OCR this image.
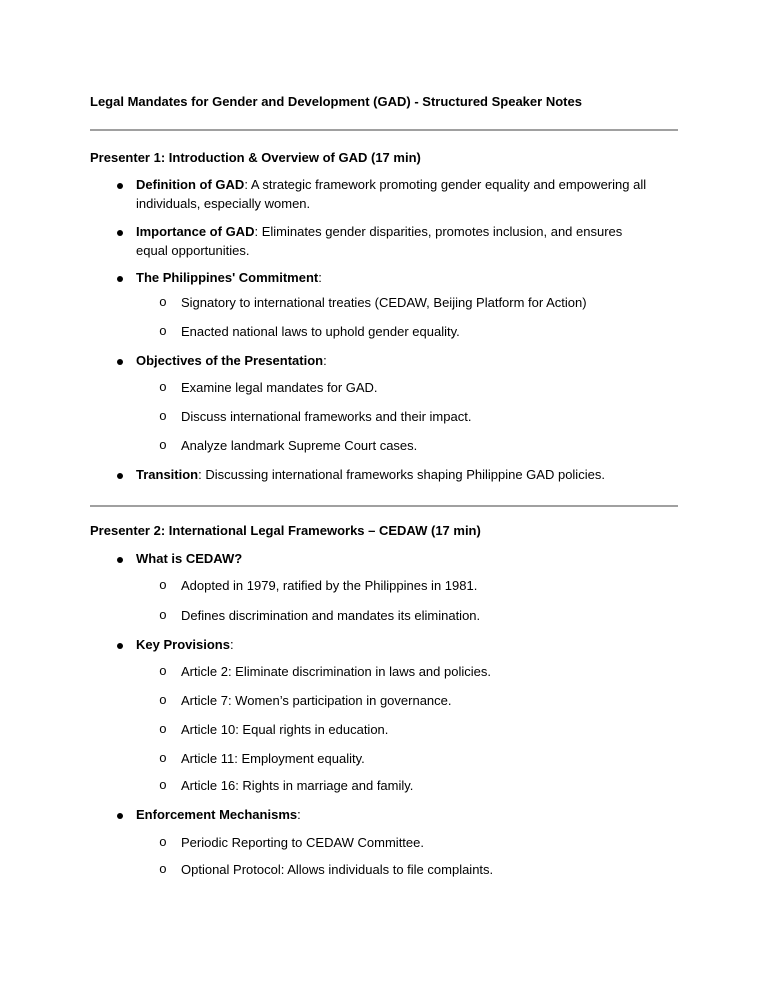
Legal Mandates for Gender and Development (GAD) - Structured Speaker Notes
Presenter 1: Introduction & Overview of GAD (17 min)
Definition of GAD: A strategic framework promoting gender equality and empowering all individuals, especially women.
Importance of GAD: Eliminates gender disparities, promotes inclusion, and ensures equal opportunities.
The Philippines' Commitment:
o Signatory to international treaties (CEDAW, Beijing Platform for Action)
o Enacted national laws to uphold gender equality.
Objectives of the Presentation:
o Examine legal mandates for GAD.
o Discuss international frameworks and their impact.
o Analyze landmark Supreme Court cases.
Transition: Discussing international frameworks shaping Philippine GAD policies.
Presenter 2: International Legal Frameworks – CEDAW (17 min)
What is CEDAW?
o Adopted in 1979, ratified by the Philippines in 1981.
o Defines discrimination and mandates its elimination.
Key Provisions:
o Article 2: Eliminate discrimination in laws and policies.
o Article 7: Women’s participation in governance.
o Article 10: Equal rights in education.
o Article 11: Employment equality.
o Article 16: Rights in marriage and family.
Enforcement Mechanisms:
o Periodic Reporting to CEDAW Committee.
o Optional Protocol: Allows individuals to file complaints.
